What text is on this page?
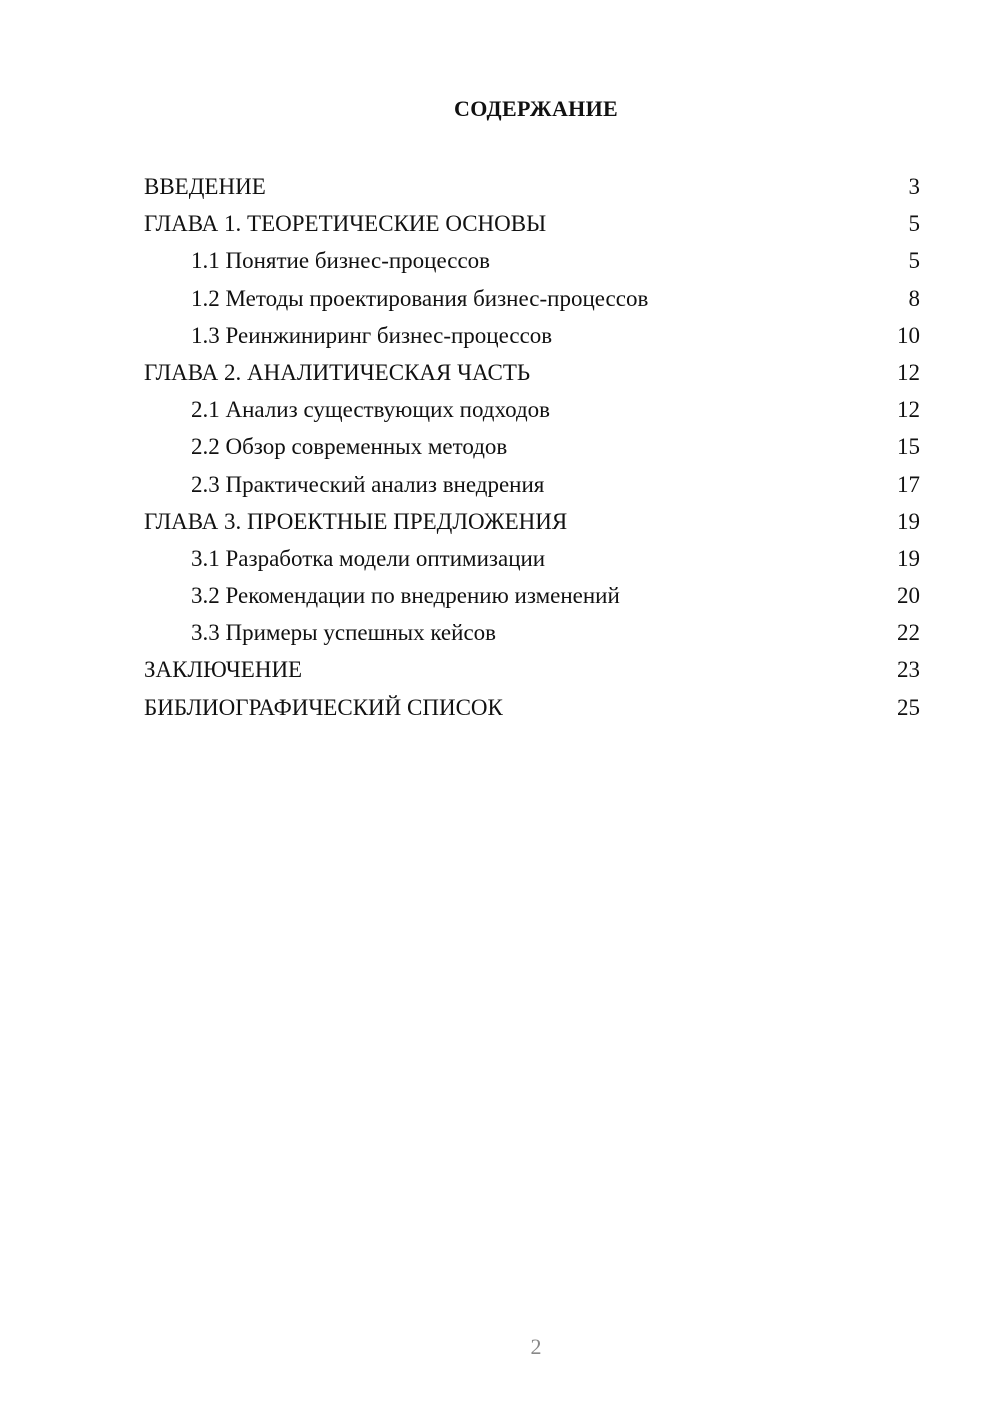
СОДЕРЖАНИЕ
ВВЕДЕНИЕ	3
ГЛАВА 1. ТЕОРЕТИЧЕСКИЕ ОСНОВЫ	5
1.1 Понятие бизнес-процессов	5
1.2 Методы проектирования бизнес-процессов	8
1.3 Реинжиниринг бизнес-процессов	10
ГЛАВА 2. АНАЛИТИЧЕСКАЯ ЧАСТЬ	12
2.1 Анализ существующих подходов	12
2.2 Обзор современных методов	15
2.3 Практический анализ внедрения	17
ГЛАВА 3. ПРОЕКТНЫЕ ПРЕДЛОЖЕНИЯ	19
3.1 Разработка модели оптимизации	19
3.2 Рекомендации по внедрению изменений	20
3.3 Примеры успешных кейсов	22
ЗАКЛЮЧЕНИЕ	23
БИБЛИОГРАФИЧЕСКИЙ СПИСОК	25
2
